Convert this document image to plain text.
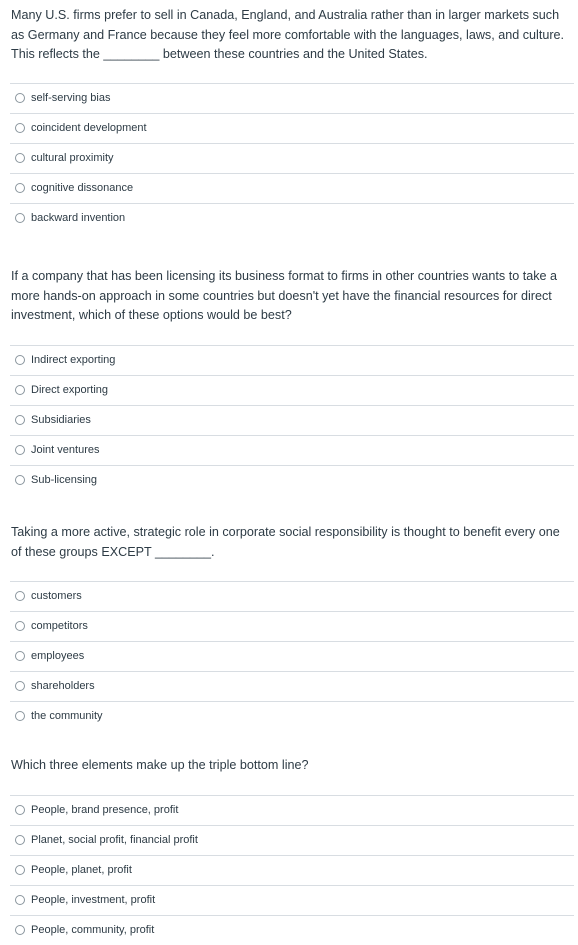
Many U.S. firms prefer to sell in Canada, England, and Australia rather than in larger markets such as Germany and France because they feel more comfortable with the languages, laws, and culture. This reflects the ________ between these countries and the United States.

self-serving bias
coincident development
cultural proximity
cognitive dissonance
backward invention

If a company that has been licensing its business format to firms in other countries wants to take a more hands-on approach in some countries but doesn't yet have the financial resources for direct investment, which of these options would be best?

Indirect exporting
Direct exporting
Subsidiaries
Joint ventures
Sub-licensing

Taking a more active, strategic role in corporate social responsibility is thought to benefit every one of these groups EXCEPT ________.

customers
competitors
employees
shareholders
the community

Which three elements make up the triple bottom line?

People, brand presence, profit
Planet, social profit, financial profit
People, planet, profit
People, investment, profit
People, community, profit
